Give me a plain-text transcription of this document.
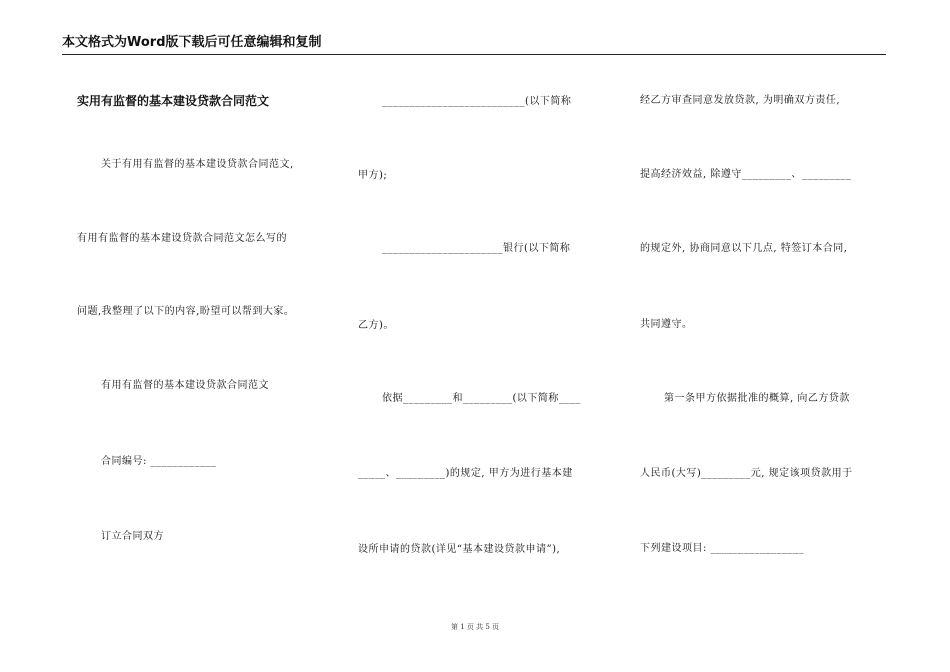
本文格式为Word版下载后可任意编辑和复制
实用有监督的基本建设贷款合同范文
关于有用有监督的基本建设贷款合同范文,
有用有监督的基本建设贷款合同范文怎么写的
问题,我整理了以下的内容,盼望可以帮到大家。
有用有监督的基本建设贷款合同范文
合同编号: ____________
订立合同双方
__________________________(以下简称
甲方);
______________________银行(以下简称
乙方)。
依据_________和_________(以下简称____
_____、_________)的规定, 甲方为进行基本建
设所申请的贷款(详见“基本建设贷款申请”),
经乙方审查同意发放贷款, 为明确双方责任,
提高经济效益, 除遵守_________、_________
的规定外, 协商同意以下几点, 特签订本合同,
共同遵守。
第一条甲方依据批准的概算, 向乙方贷款
人民币(大写)_________元, 规定该项贷款用于
下列建设项目: _________________
第 1 页 共 5 页
